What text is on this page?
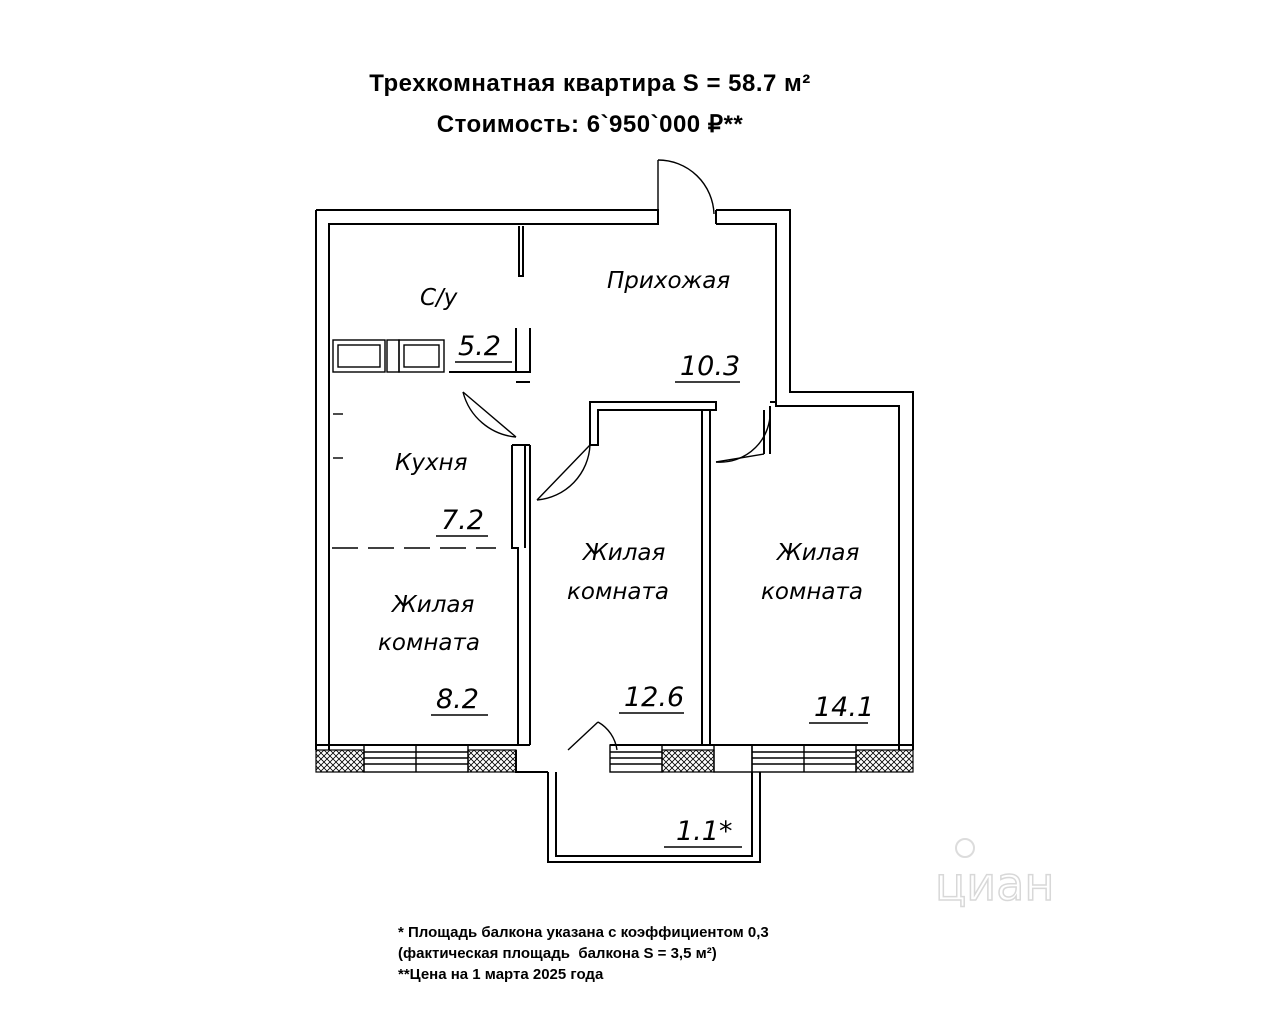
Трехкомнатная квартира S = 58.7 м²
Стоимость: 6`950`000 ₽**
циан
С/у
5.2
Прихожая
10.3
Кухня
7.2
Жилая
комната
8.2
Жилая
комната
12.6
Жилая
комната
14.1
1.1*
* Площадь балкона указана с коэффициентом 0,3
(фактическая площадь  балкона S = 3,5 м²)
**Цена на 1 марта 2025 года
